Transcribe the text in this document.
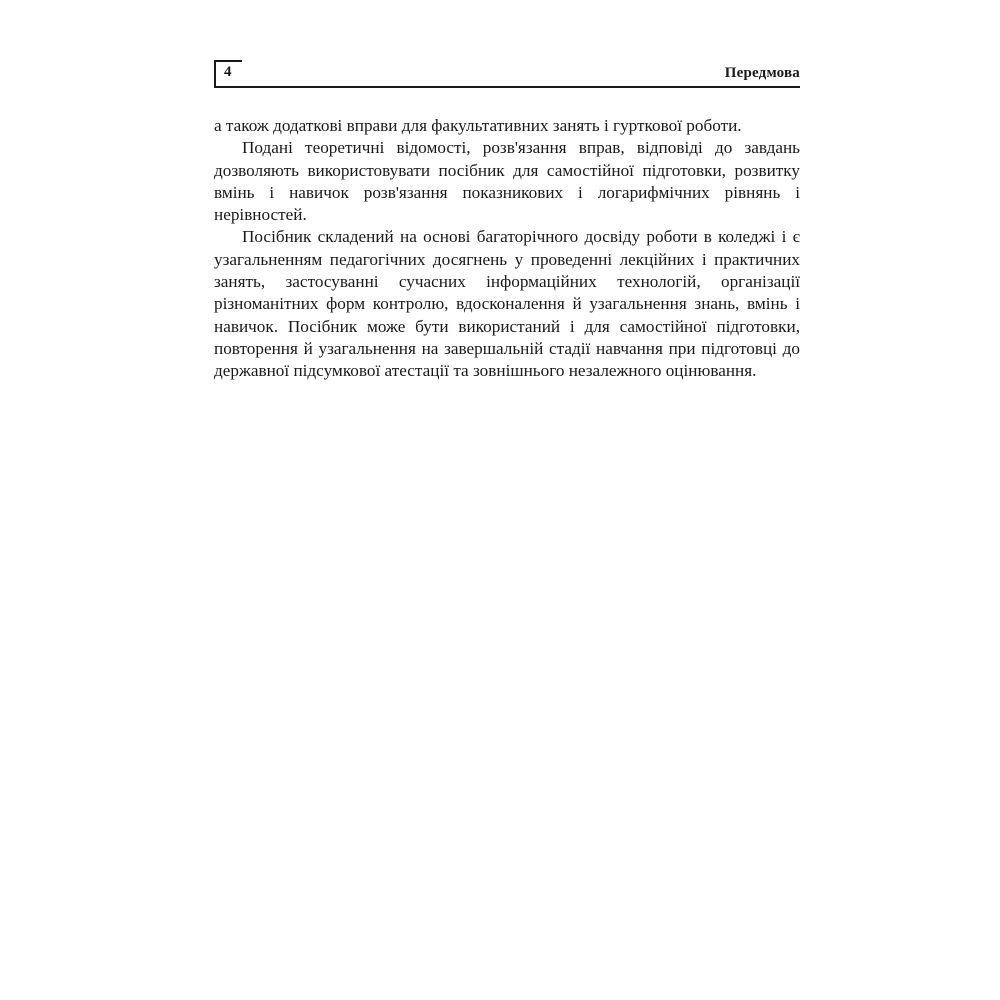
4	Передмова

а також додаткові вправи для факультативних занять і гурткової роботи.

Подані теоретичні відомості, розв'язання вправ, відповіді до завдань дозволяють використовувати посібник для самостійної підготовки, розвитку вмінь і навичок розв'язання показникових і логарифмічних рівнянь і нерівностей.

Посібник складений на основі багаторічного досвіду роботи в коледжі і є узагальненням педагогічних досягнень у проведенні лекційних і практичних занять, застосуванні сучасних інформаційних технологій, організації різноманітних форм контролю, вдосконалення й узагальнення знань, вмінь і навичок. Посібник може бути використаний і для самостійної підготовки, повторення й узагальнення на завершальній стадії навчання при підготовці до державної підсумкової атестації та зовнішнього незалежного оцінювання.
